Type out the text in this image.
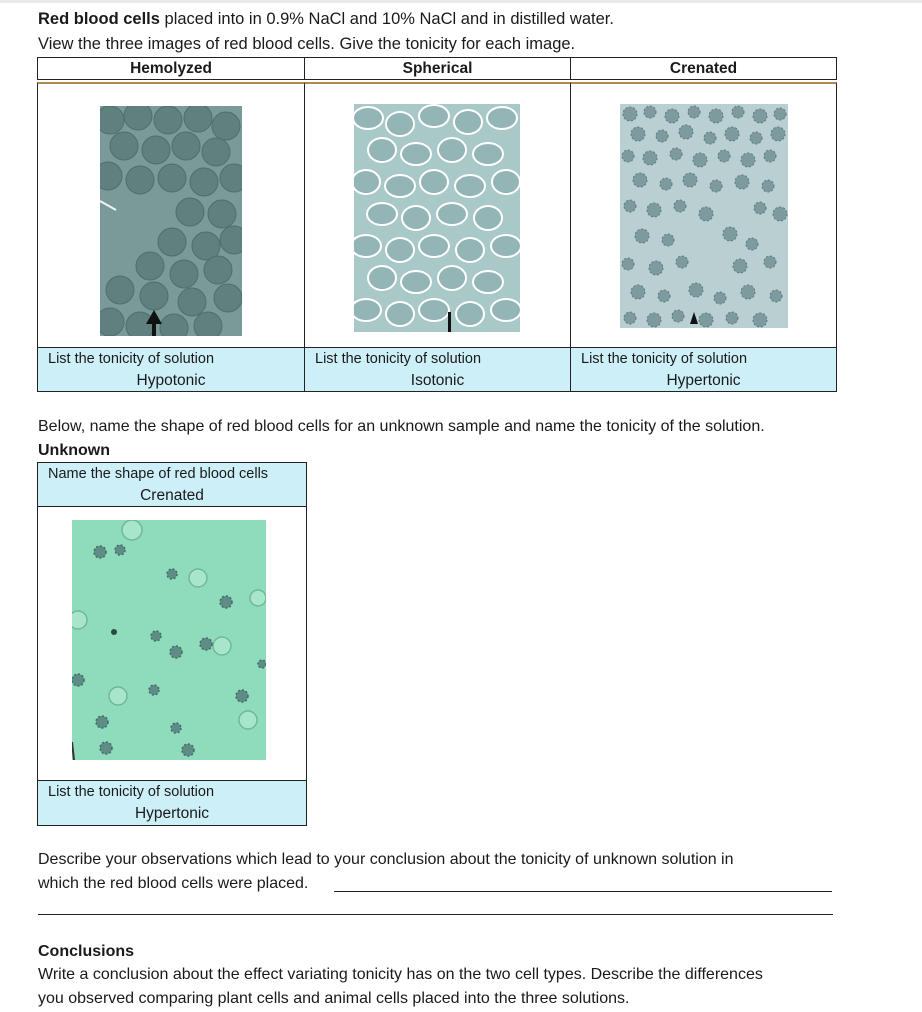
Red blood cells placed into in 0.9% NaCl and 10% NaCl and in distilled water.
View the three images of red blood cells. Give the tonicity for each image.
Hemolyzed	Spherical	Crenated
List the tonicity of solution
Hypotonic
List the tonicity of solution
Isotonic
List the tonicity of solution
Hypertonic
Below, name the shape of red blood cells for an unknown sample and name the tonicity of the solution.
Unknown
Name the shape of red blood cells
Crenated
List the tonicity of solution
Hypertonic
Describe your observations which lead to your conclusion about the tonicity of unknown solution in
which the red blood cells were placed.
Conclusions
Write a conclusion about the effect variating tonicity has on the two cell types. Describe the differences
you observed comparing plant cells and animal cells placed into the three solutions.
